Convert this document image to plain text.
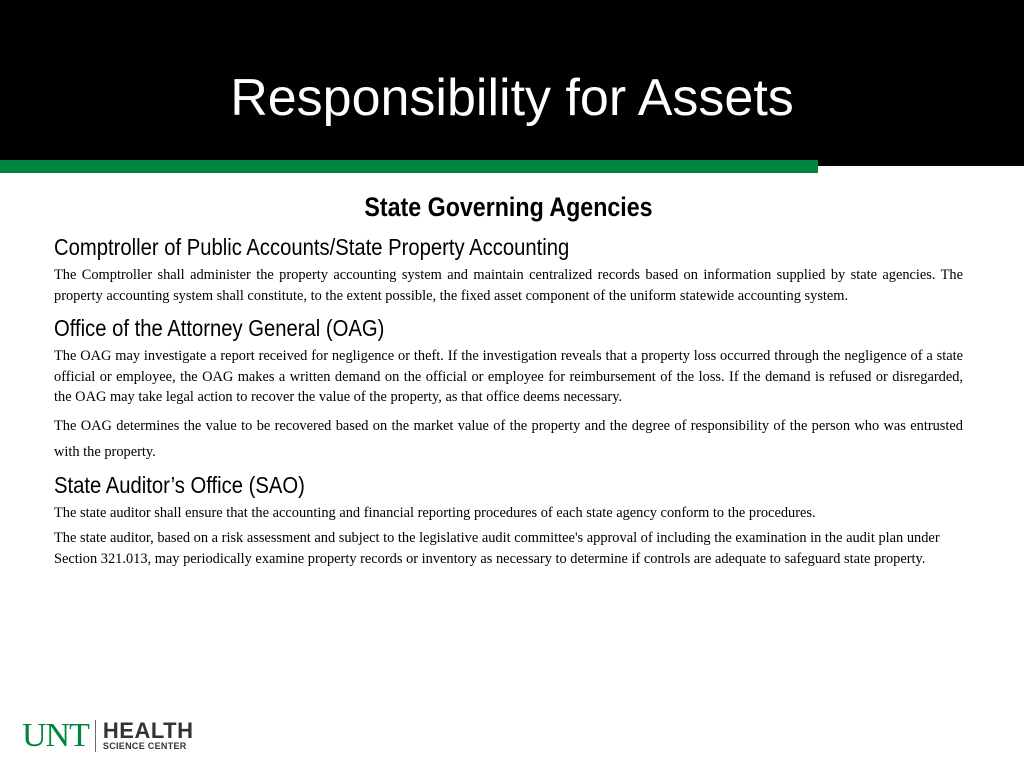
Responsibility for Assets
State Governing Agencies
Comptroller of Public Accounts/State Property Accounting

The Comptroller shall administer the property accounting system and maintain centralized records based on information supplied by state agencies. The property accounting system shall constitute, to the extent possible, the fixed asset component of the uniform statewide accounting system.

Office of the Attorney General (OAG)

The OAG may investigate a report received for negligence or theft. If the investigation reveals that a property loss occurred through the negligence of a state official or employee, the OAG makes a written demand on the official or employee for reimbursement of the loss. If the demand is refused or disregarded, the OAG may take legal action to recover the value of the property, as that office deems necessary.

The OAG determines the value to be recovered based on the market value of the property and the degree of responsibility of the person who was entrusted with the property.

State Auditor’s Office (SAO)

The state auditor shall ensure that the accounting and financial reporting procedures of each state agency conform to the procedures.

The state auditor, based on a risk assessment and subject to the legislative audit committee's approval of including the examination in the audit plan under Section 321.013, may periodically examine property records or inventory as necessary to determine if controls are adequate to safeguard state property.

UNT HEALTH
SCIENCE CENTER
